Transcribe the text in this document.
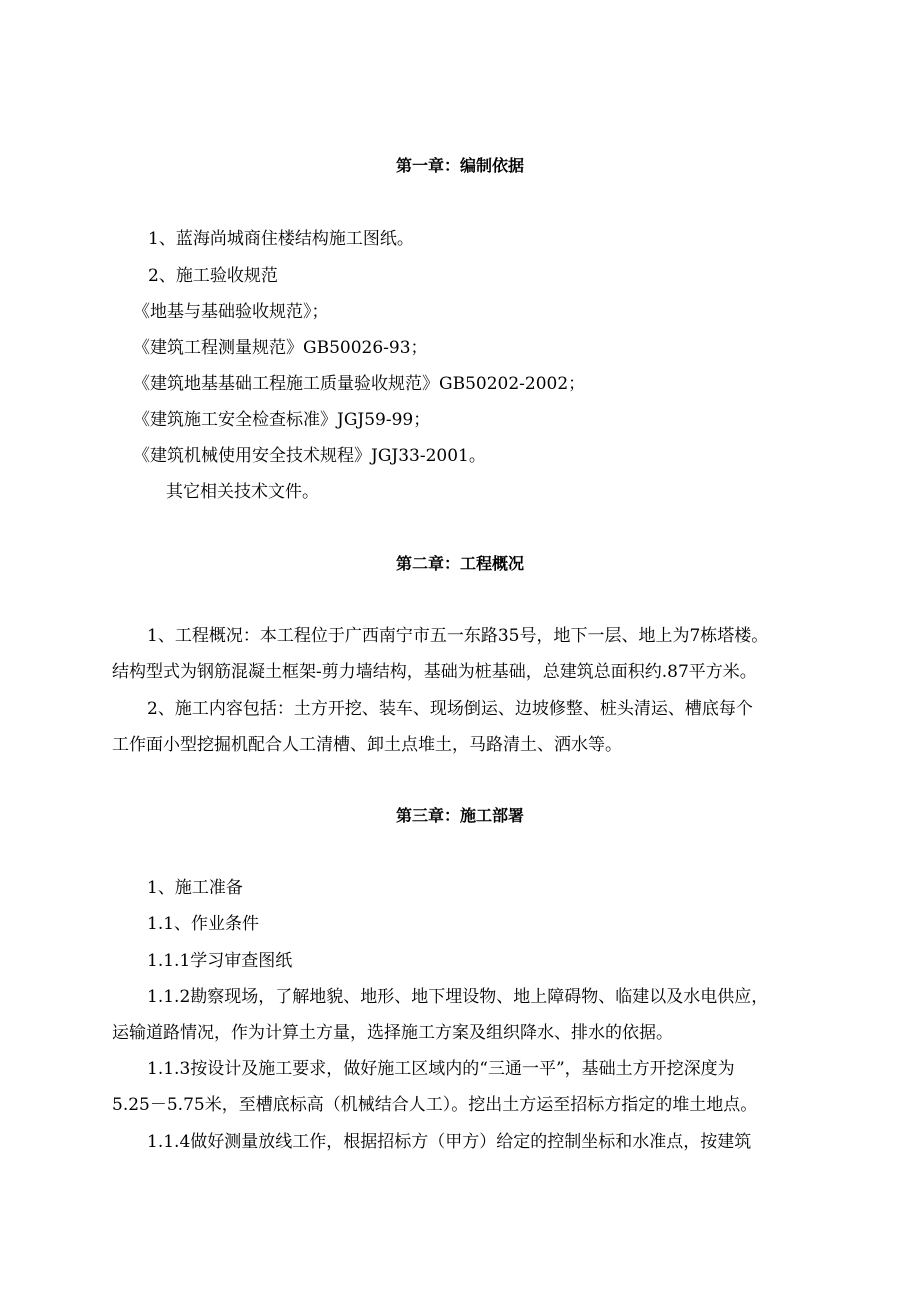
第一章：编制依据
1、蓝海尚城商住楼结构施工图纸。
2、施工验收规范
《地基与基础验收规范》；
《建筑工程测量规范》GB50026-93；
《建筑地基基础工程施工质量验收规范》GB50202-2002；
《建筑施工安全检查标准》JGJ59-99；
《建筑机械使用安全技术规程》JGJ33-2001。
其它相关技术文件。
第二章：工程概况
1、工程概况：本工程位于广西南宁市五一东路35号，地下一层、地上为7栋塔楼。
结构型式为钢筋混凝土框架-剪力墙结构，基础为桩基础，总建筑总面积约.87平方米。
2、施工内容包括：土方开挖、装车、现场倒运、边坡修整、桩头清运、槽底每个
工作面小型挖掘机配合人工清槽、卸土点堆土，马路清土、洒水等。
第三章：施工部署
1、施工准备
1.1、作业条件
1.1.1学习审查图纸
1.1.2勘察现场，了解地貌、地形、地下埋设物、地上障碍物、临建以及水电供应，
运输道路情况，作为计算土方量，选择施工方案及组织降水、排水的依据。
1.1.3按设计及施工要求，做好施工区域内的“三通一平”，基础土方开挖深度为
5.25－5.75米，至槽底标高（机械结合人工）。挖出土方运至招标方指定的堆土地点。
1.1.4做好测量放线工作，根据招标方（甲方）给定的控制坐标和水准点，按建筑
